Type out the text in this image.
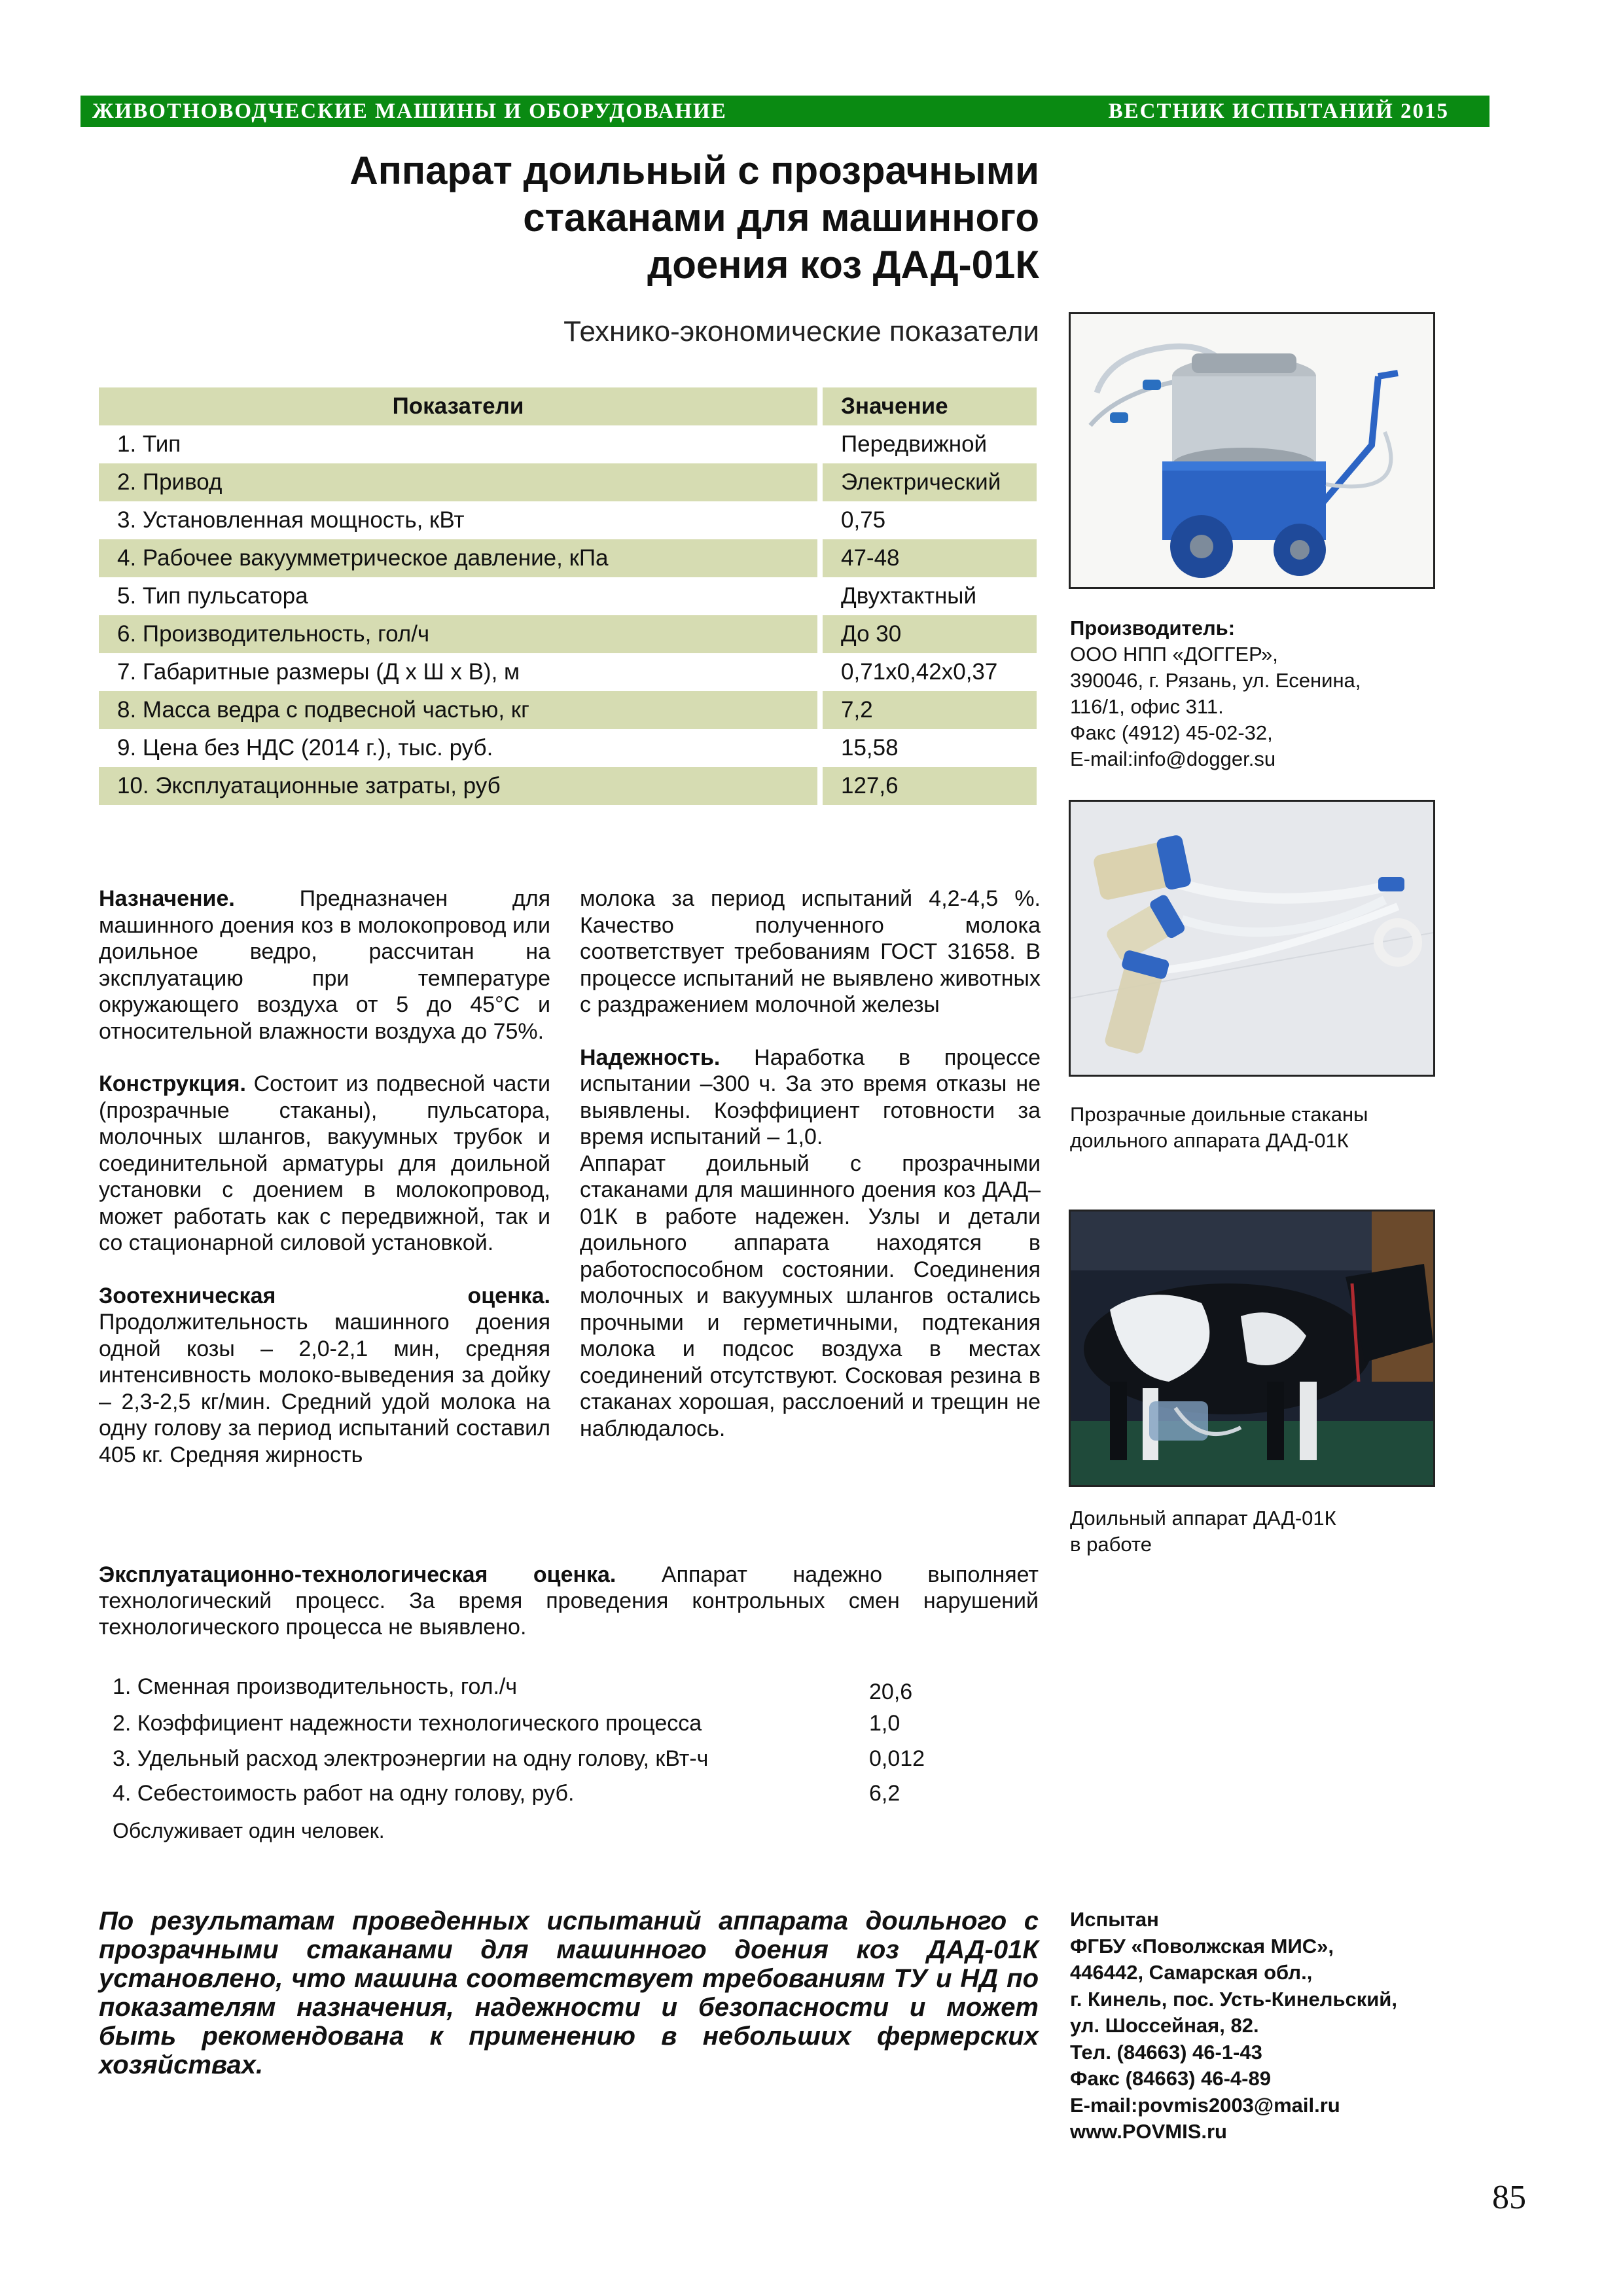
ЖИВОТНОВОДЧЕСКИЕ МАШИНЫ И ОБОРУДОВАНИЕ	ВЕСТНИК ИСПЫТАНИЙ 2015
Аппарат доильный с прозрачными
стаканами для машинного
доения коз ДАД-01К
Технико-экономические показатели
Показатели	Значение
1. Тип	Передвижной
2. Привод	Электрический
3. Установленная мощность, кВт	0,75
4. Рабочее вакуумметрическое давление, кПа	47-48
5. Тип пульсатора	Двухтактный
6. Производительность, гол/ч	До 30
7. Габаритные размеры (Д х Ш х В), м	0,71х0,42х0,37
8. Масса ведра с подвесной частью, кг	7,2
9. Цена без НДС (2014 г.), тыс. руб.	15,58
10. Эксплуатационные затраты, руб	127,6
Производитель:
ООО НПП «ДОГГЕР»,
390046, г. Рязань, ул. Есенина,
116/1, офис 311.
Факс (4912) 45-02-32,
E-mail:info@dogger.su
Прозрачные доильные стаканы
доильного аппарата ДАД-01К
Доильный аппарат ДАД-01К
в работе

Назначение. Предназначен для машинного доения коз в молокопровод или доильное ведро, рассчитан на эксплуатацию при температуре окружающего воздуха от 5 до 45°С и относительной влажности воздуха до 75%.

Конструкция. Состоит из подвесной части (прозрачные стаканы), пульсатора, молочных шлангов, вакуумных трубок и соединительной арматуры для доильной установки с доением в молокопровод, может работать как с передвижной, так и со стационарной силовой установкой.

Зоотехническая оценка. Продолжительность машинного доения одной козы – 2,0-2,1 мин, средняя интенсивность молоко-выведения за дойку – 2,3-2,5 кг/мин. Средний удой молока на одну голову за период испытаний составил 405 кг. Средняя жирность

молока за период испытаний 4,2-4,5 %. Качество полученного молока соответствует требованиям ГОСТ 31658. В процессе испытаний не выявлено животных с раздражением молочной железы

Надежность. Наработка в процессе испытании –300 ч. За это время отказы не выявлены. Коэффициент готовности за время испытаний – 1,0.

Аппарат доильный с прозрачными стаканами для машинного доения коз ДАД–01К в работе надежен. Узлы и детали доильного аппарата находятся в работоспособном состоянии. Соединения молочных и вакуумных шлангов остались прочными и герметичными, подтекания молока и подсос воздуха в местах соединений отсутствуют. Сосковая резина в стаканах хорошая, расслоений и трещин не наблюдалось.

Эксплуатационно-технологическая оценка. Аппарат надежно выполняет технологический процесс. За время проведения контрольных смен нарушений технологического процесса не выявлено.
1. Сменная производительность, гол./ч	20,6
2. Коэффициент надежности технологического процесса	1,0
3. Удельный расход электроэнергии на одну голову, кВт-ч	0,012
4. Себестоимость работ на одну голову, руб.	6,2
Обслуживает один человек.
По результатам проведенных испытаний аппарата доильного с прозрачными стаканами для машинного доения коз ДАД-01К установлено, что машина соответствует требованиям ТУ и НД по показателям назначения, надежности и безопасности и может быть рекомендована к применению в небольших фермерских хозяйствах.
Испытан
ФГБУ «Поволжская МИС»,
446442, Самарская обл.,
г. Кинель, пос. Усть-Кинельский,
ул. Шоссейная, 82.
Тел. (84663) 46-1-43
Факс (84663) 46-4-89
E-mail:povmis2003@mail.ru
www.POVMIS.ru
85
